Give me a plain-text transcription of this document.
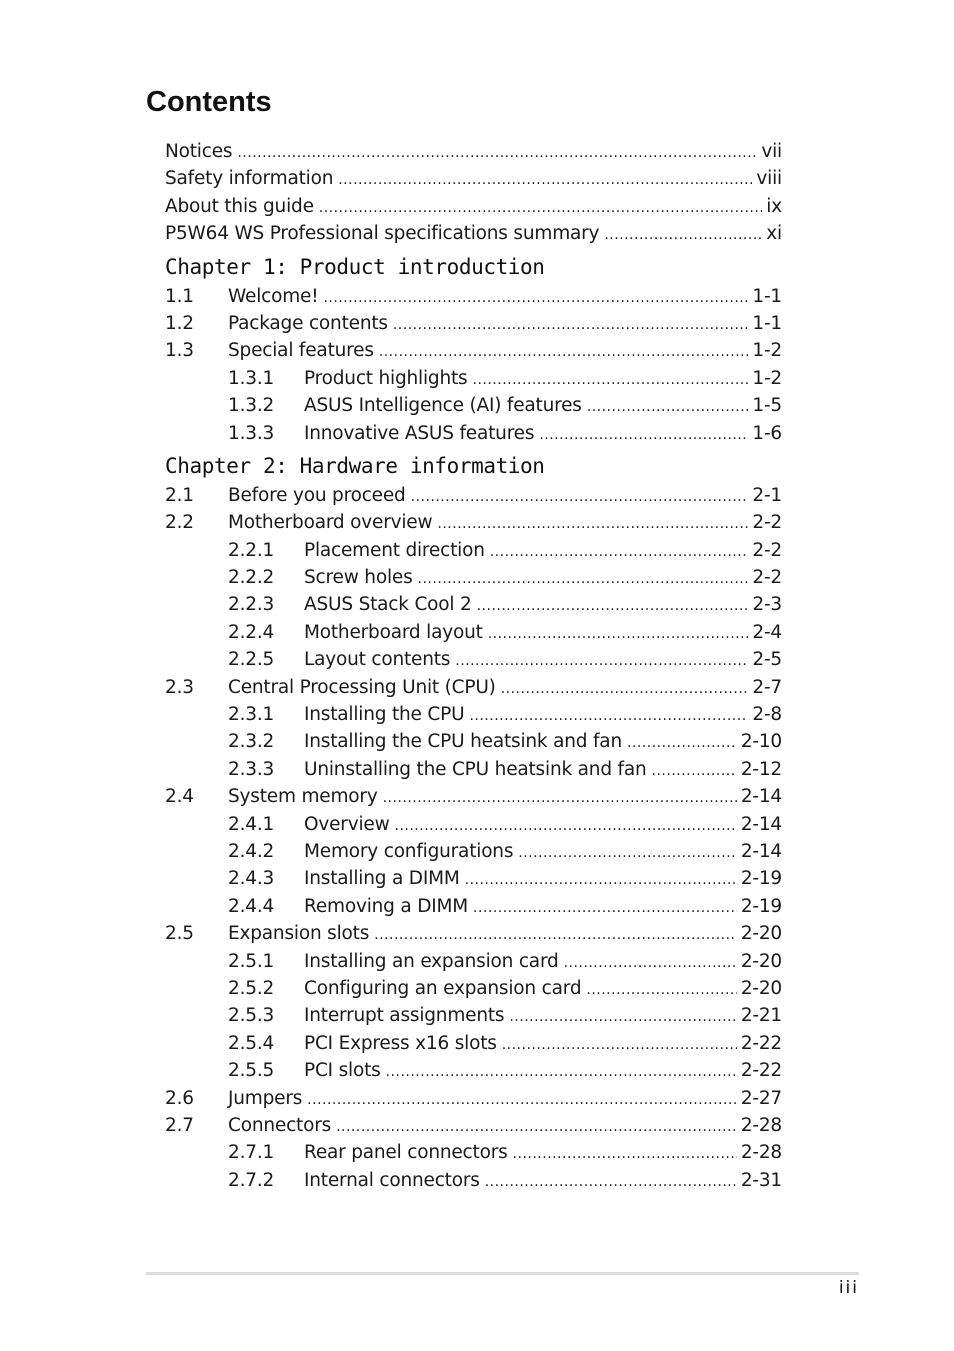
Contents
Notices .....	vii
Safety information .....	viii
About this guide .....	ix
P5W64 WS Professional specifications summary .....	xi
Chapter 1: Product introduction
1.1	Welcome! .....	1-1
1.2	Package contents .....	1-1
1.3	Special features .....	1-2
1.3.1	Product highlights .....	1-2
1.3.2	ASUS Intelligence (AI) features .....	1-5
1.3.3	Innovative ASUS features .....	1-6
Chapter 2: Hardware information
2.1	Before you proceed .....	2-1
2.2	Motherboard overview .....	2-2
2.2.1	Placement direction .....	2-2
2.2.2	Screw holes .....	2-2
2.2.3	ASUS Stack Cool 2 .....	2-3
2.2.4	Motherboard layout .....	2-4
2.2.5	Layout contents .....	2-5
2.3	Central Processing Unit (CPU) .....	2-7
2.3.1	Installing the CPU .....	2-8
2.3.2	Installing the CPU heatsink and fan .....	2-10
2.3.3	Uninstalling the CPU heatsink and fan .....	2-12
2.4	System memory .....	2-14
2.4.1	Overview .....	2-14
2.4.2	Memory configurations .....	2-14
2.4.3	Installing a DIMM .....	2-19
2.4.4	Removing a DIMM .....	2-19
2.5	Expansion slots .....	2-20
2.5.1	Installing an expansion card .....	2-20
2.5.2	Configuring an expansion card .....	2-20
2.5.3	Interrupt assignments .....	2-21
2.5.4	PCI Express x16 slots .....	2-22
2.5.5	PCI slots .....	2-22
2.6	Jumpers .....	2-27
2.7	Connectors .....	2-28
2.7.1	Rear panel connectors .....	2-28
2.7.2	Internal connectors .....	2-31
iii
